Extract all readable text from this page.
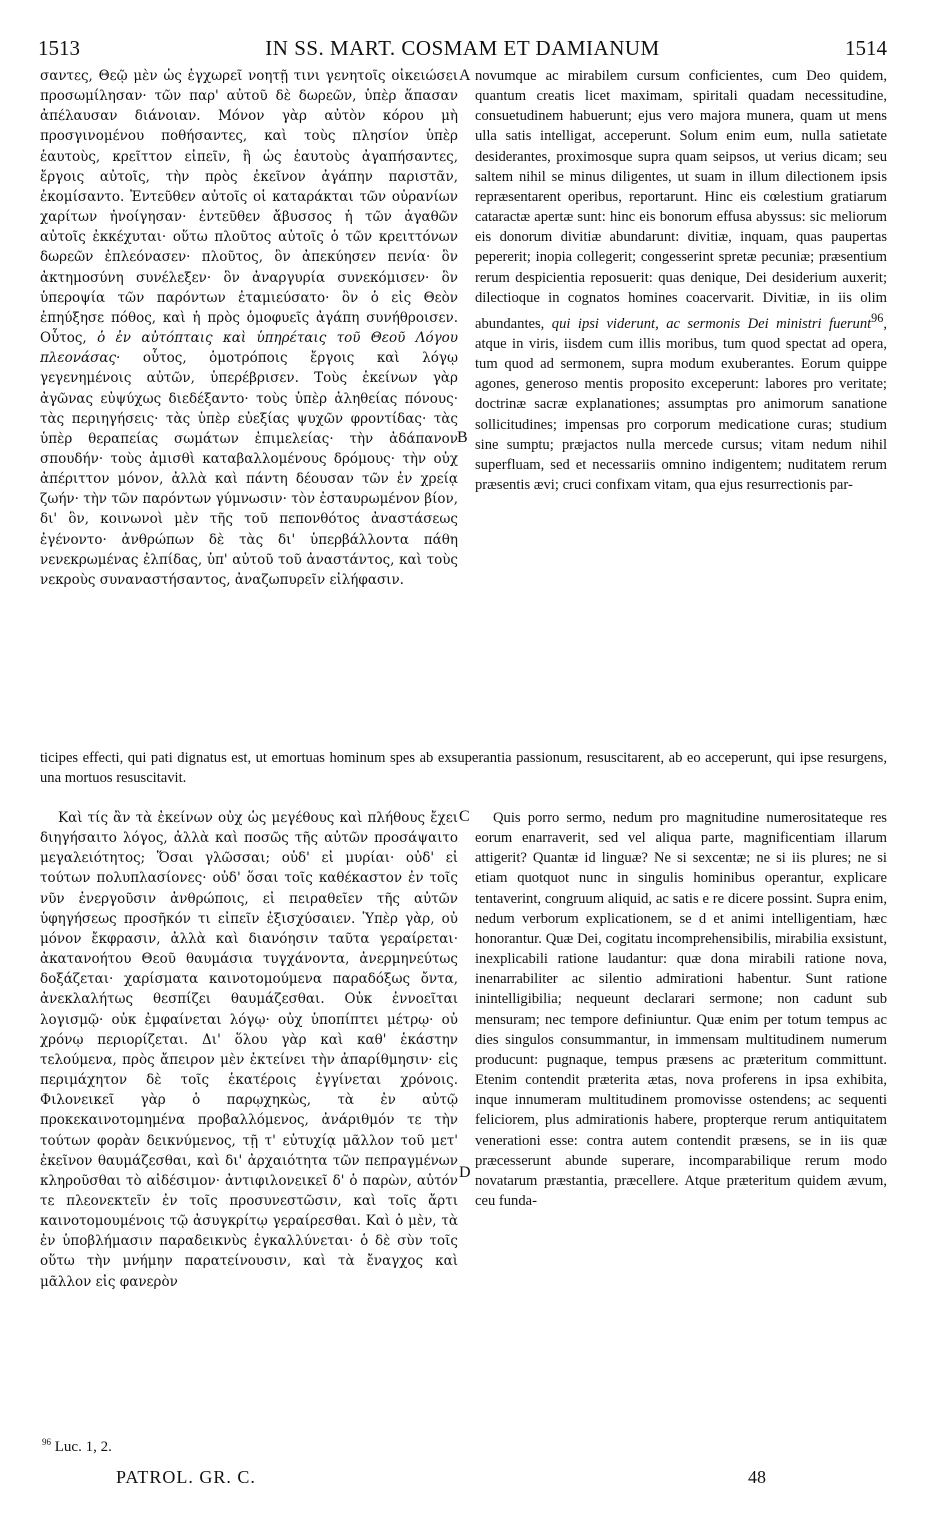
1513	IN SS. MART. COSMAM ET DAMIANUM	1514

σαντες, Θεῷ μὲν ὡς ἐγχωρεῖ νοητῇ τινι γενητοῖς οἰκειώσει προσωμίλησαν· τῶν παρ' αὐτοῦ δὲ δωρεῶν, ὑπὲρ ἅπασαν ἀπέλαυσαν διάνοιαν. Μόνον γὰρ αὐτὸν κόρου μὴ προσγινομένου ποθήσαντες, καὶ τοὺς πλησίον ὑπὲρ ἑαυτοὺς, κρεῖττον εἰπεῖν, ἢ ὡς ἑαυτοὺς ἀγαπήσαντες, ἔργοις αὐτοῖς, τὴν πρὸς ἐκεῖνον ἀγάπην παριστᾶν, ἐκομίσαντο. Ἐντεῦθεν αὐτοῖς οἱ καταράκται τῶν οὐρανίων χαρίτων ἠνοίγησαν· ἐντεῦθεν ἄβυσσος ἡ τῶν ἀγαθῶν αὐτοῖς ἐκκέχυται· οὕτω πλοῦτος αὐτοῖς ὁ τῶν κρειττόνων δωρεῶν ἐπλεόνασεν· πλοῦτος, ὃν ἀπεκύησεν πενία· ὃν ἀκτημοσύνη συνέλεξεν· ὃν ἀναργυρία συνεκόμισεν· ὃν ὑπεροψία τῶν παρόντων ἐταμιεύσατο· ὃν ὁ εἰς Θεὸν ἐπηύξησε πόθος, καὶ ἡ πρὸς ὁμοφυεῖς ἀγάπη συνήθροισεν. Οὗτος, ὁ ἐν αὐτόπταις καὶ ὑπηρέταις τοῦ Θεοῦ Λόγου πλεονάσας· οὗτος, ὁμοτρόποις ἔργοις καὶ λόγῳ γεγενημένοις αὐτῶν, ὑπερέβρισεν. Τοὺς ἐκείνων γὰρ ἀγῶνας εὐψύχως διεδέξαντο· τοὺς ὑπὲρ ἀληθείας πόνους· τὰς περιηγήσεις· τὰς ὑπὲρ εὐεξίας ψυχῶν φροντίδας· τὰς ὑπὲρ θεραπείας σωμάτων ἐπιμελείας· τὴν ἀδάπανον σπουδήν· τοὺς ἀμισθὶ καταβαλλομένους δρόμους· τὴν οὐχ ἀπέριττον μόνον, ἀλλὰ καὶ πάντη δέουσαν τῶν ἐν χρείᾳ ζωήν· τὴν τῶν παρόντων γύμνωσιν· τὸν ἐσταυρωμένον βίον, δι' ὃν, κοινωνοὶ μὲν τῆς τοῦ πεπονθότος ἀναστάσεως ἐγένοντο· ἀνθρώπων δὲ τὰς δι' ὑπερβάλλοντα πάθη νενεκρωμένας ἐλπίδας, ὑπ' αὐτοῦ τοῦ ἀναστάντος, καὶ τοὺς νεκροὺς συναναστήσαντος, ἀναζωπυρεῖν εἰλήφασιν.

novumque ac mirabilem cursum conficientes, cum Deo quidem, quantum creatis licet maximam, spiritali quadam necessitudine, consuetudinem habuerunt; ejus vero majora munera, quam ut mens ulla satis intelligat, acceperunt. Solum enim eum, nulla satietate desiderantes, proximosque supra quam seipsos, ut verius dicam; seu saltem nihil se minus diligentes, ut suam in illum dilectionem ipsis repræsentarent operibus, reportarunt. Hinc eis cœlestium gratiarum cataractæ apertæ sunt: hinc eis bonorum effusa abyssus: sic meliorum eis donorum divitiæ abundarunt: divitiæ, inquam, quas paupertas pepererit; inopia collegerit; congesserint spretæ pecuniæ; præsentium rerum despicientia reposuerit: quas denique, Dei desiderium auxerit; dilectioque in cognatos homines coacervarit. Divitiæ, in iis olim abundantes, qui ipsi viderunt, ac sermonis Dei ministri fuerunt$^{96}$, atque in viris, iisdem cum illis moribus, tum quod spectat ad opera, tum quod ad sermonem, supra modum exuberantes. Eorum quippe agones, generoso mentis proposito exceperunt: labores pro veritate; doctrinæ sacræ explanationes; assumptas pro animorum sanatione sollicitudines; impensas pro corporum medicatione curas; studium sine sumptu; præjactos nulla mercede cursus; vitam nedum nihil superfluam, sed et necessariis omnino indigentem; nuditatem rerum præsentis ævi; cruci confixam vitam, qua ejus resurrectionis par-

ticipes effecti, qui pati dignatus est, ut emortuas hominum spes ab exsuperantia passionum, resuscitarent, ab eo acceperunt, qui ipse resurgens, una mortuos resuscitavit.

Καὶ τίς ἂν τὰ ἐκείνων οὐχ ὡς μεγέθους καὶ πλήθους ἔχει διηγήσαιτο λόγος, ἀλλὰ καὶ ποσῶς τῆς αὐτῶν προσάψαιτο μεγαλειότητος; Ὅσαι γλῶσσαι; οὐδ' εἰ μυρίαι· οὐδ' εἰ τούτων πολυπλασίονες· οὐδ' ὅσαι τοῖς καθέκαστον ἐν τοῖς νῦν ἐνεργοῦσιν ἀνθρώποις, εἰ πειραθεῖεν τῆς αὐτῶν ὑφηγήσεως προσῆκόν τι εἰπεῖν ἐξισχύσαιεν. Ὑπὲρ γὰρ, οὐ μόνον ἔκφρασιν, ἀλλὰ καὶ διανόησιν ταῦτα γεραίρεται· ἀκατανοήτου Θεοῦ θαυμάσια τυγχάνοντα, ἀνερμηνεύτως δοξάζεται· χαρίσματα καινοτομούμενα παραδόξως ὄντα, ἀνεκλαλήτως θεσπίζει θαυμάζεσθαι. Οὐκ ἐννοεῖται λογισμῷ· οὐκ ἐμφαίνεται λόγῳ· οὐχ ὑποπίπτει μέτρῳ· οὐ χρόνῳ περιορίζεται. Δι' ὅλου γὰρ καὶ καθ' ἑκάστην τελούμενα, πρὸς ἄπειρον μὲν ἐκτείνει τὴν ἀπαρίθμησιν· εἰς περιμάχητον δὲ τοῖς ἑκατέροις ἐγγίνεται χρόνοις. Φιλονεικεῖ γὰρ ὁ παρῳχηκὼς, τὰ ἐν αὐτῷ προκεκαινοτομημένα προβαλλόμενος, ἀνάριθμόν τε τὴν τούτων φορὰν δεικνύμενος, τῇ τ' εὐτυχίᾳ μᾶλλον τοῦ μετ' ἐκεῖνον θαυμάζεσθαι, καὶ δι' ἀρχαιότητα τῶν πεπραγμένων κληροῦσθαι τὸ αἰδέσιμον· ἀντιφιλονεικεῖ δ' ὁ παρὼν, αὐτόν τε πλεονεκτεῖν ἐν τοῖς προσυνεστῶσιν, καὶ τοῖς ἄρτι καινοτομουμένοις τῷ ἀσυγκρίτῳ γεραίρεσθαι. Καὶ ὁ μὲν, τὰ ἐν ὑποβλήμασιν παραδεικνὺς ἐγκαλλύνεται· ὁ δὲ σὺν τοῖς οὕτω τὴν μνήμην παρατείνουσιν, καὶ τὰ ἔναγχος καὶ μᾶλλον εἰς φανερὸν

Quis porro sermo, nedum pro magnitudine numerositateque res eorum enarraverit, sed vel aliqua parte, magnificentiam illarum attigerit? Quantæ id linguæ? Ne si sexcentæ; ne si iis plures; ne si etiam quotquot nunc in singulis hominibus operantur, explicare tentaverint, congruum aliquid, ac satis e re dicere possint. Supra enim, nedum verborum explicationem, se d et animi intelligentiam, hæc honorantur. Quæ Dei, cogitatu incomprehensibilis, mirabilia exsistunt, inexplicabili ratione laudantur: quæ dona mirabili ratione nova, inenarrabiliter ac silentio admirationi habentur. Sunt ratione inintelligibilia; nequeunt declarari sermone; non cadunt sub mensuram; nec tempore definiuntur. Quæ enim per totum tempus ac dies singulos consummantur, in immensam multitudinem numerum producunt: pugnaque, tempus præsens ac præteritum committunt. Etenim contendit præterita ætas, nova proferens in ipsa exhibita, inque innumeram multitudinem promovisse ostendens; ac sequenti feliciorem, plus admirationis habere, propterque rerum antiquitatem venerationi esse: contra autem contendit præsens, se in iis quæ præcesserunt abunde superare, incomparabilique rerum modo novatarum præstantia, præcellere. Atque præteritum quidem ævum, ceu funda-

A
B
C
D
$^{96}$ Luc. 1, 2.
PATROL. GR. C.	48
